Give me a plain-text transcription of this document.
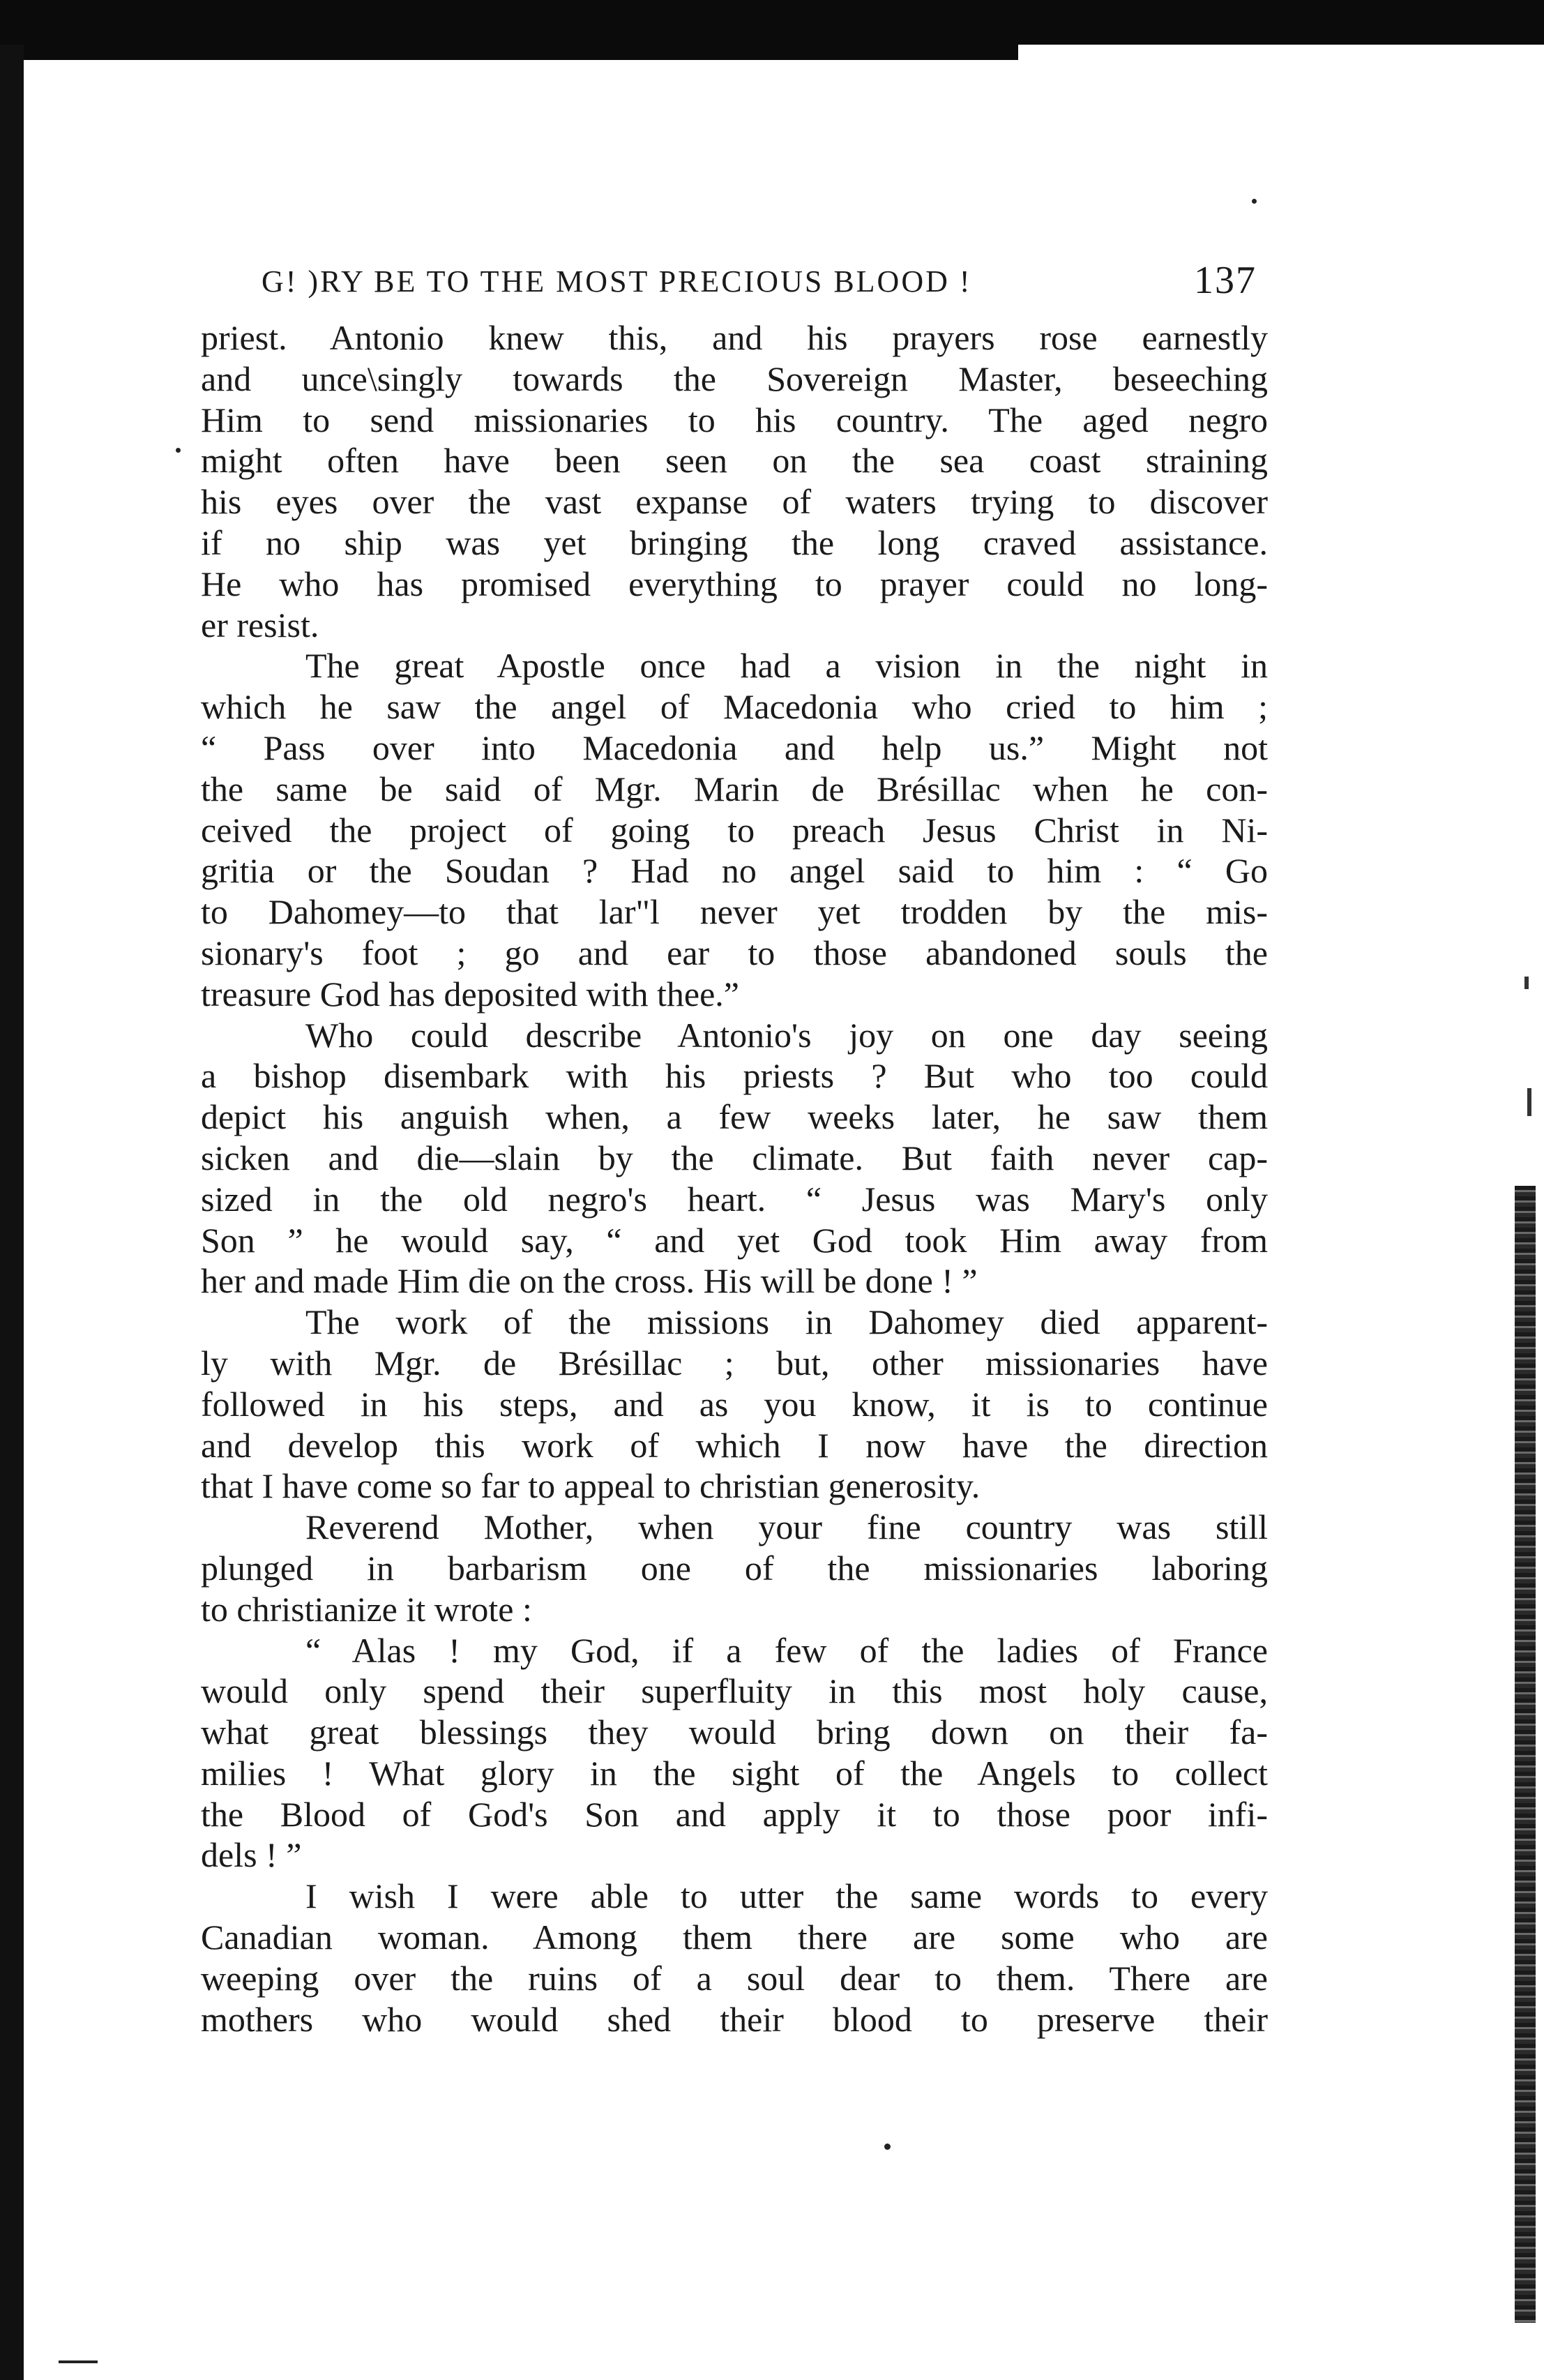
G! )RY BE TO THE MOST PRECIOUS BLOOD !	137
priest. Antonio knew this, and his prayers rose earnestly
and unce\singly towards the Sovereign Master, beseeching
Him to send missionaries to his country. The aged negro
might often have been seen on the sea coast straining
his eyes over the vast expanse of waters trying to discover
if no ship was yet bringing the long craved assistance.
He who has promised everything to prayer could no long-
er resist.
The great Apostle once had a vision in the night in
which he saw the angel of Macedonia who cried to him ;
“ Pass over into Macedonia and help us.” Might not
the same be said of Mgr. Marin de Brésillac when he con-
ceived the project of going to preach Jesus Christ in Ni-
gritia or the Soudan ? Had no angel said to him : “ Go
to Dahomey—to that lar"l never yet trodden by the mis-
sionary's foot ; go and ear to those abandoned souls the
treasure God has deposited with thee.”
Who could describe Antonio's joy on one day seeing
a bishop disembark with his priests ? But who too could
depict his anguish when, a few weeks later, he saw them
sicken and die—slain by the climate. But faith never cap-
sized in the old negro's heart. “ Jesus was Mary's only
Son ” he would say, “ and yet God took Him away from
her and made Him die on the cross. His will be done ! ”
The work of the missions in Dahomey died apparent-
ly with Mgr. de Brésillac ; but, other missionaries have
followed in his steps, and as you know, it is to continue
and develop this work of which I now have the direction
that I have come so far to appeal to christian generosity.
Reverend Mother, when your fine country was still
plunged in barbarism one of the missionaries laboring
to christianize it wrote :
“ Alas ! my God, if a few of the ladies of France
would only spend their superfluity in this most holy cause,
what great blessings they would bring down on their fa-
milies ! What glory in the sight of the Angels to collect
the Blood of God's Son and apply it to those poor infi-
dels ! ”
I wish I were able to utter the same words to every
Canadian woman. Among them there are some who are
weeping over the ruins of a soul dear to them. There are
mothers who would shed their blood to preserve their
